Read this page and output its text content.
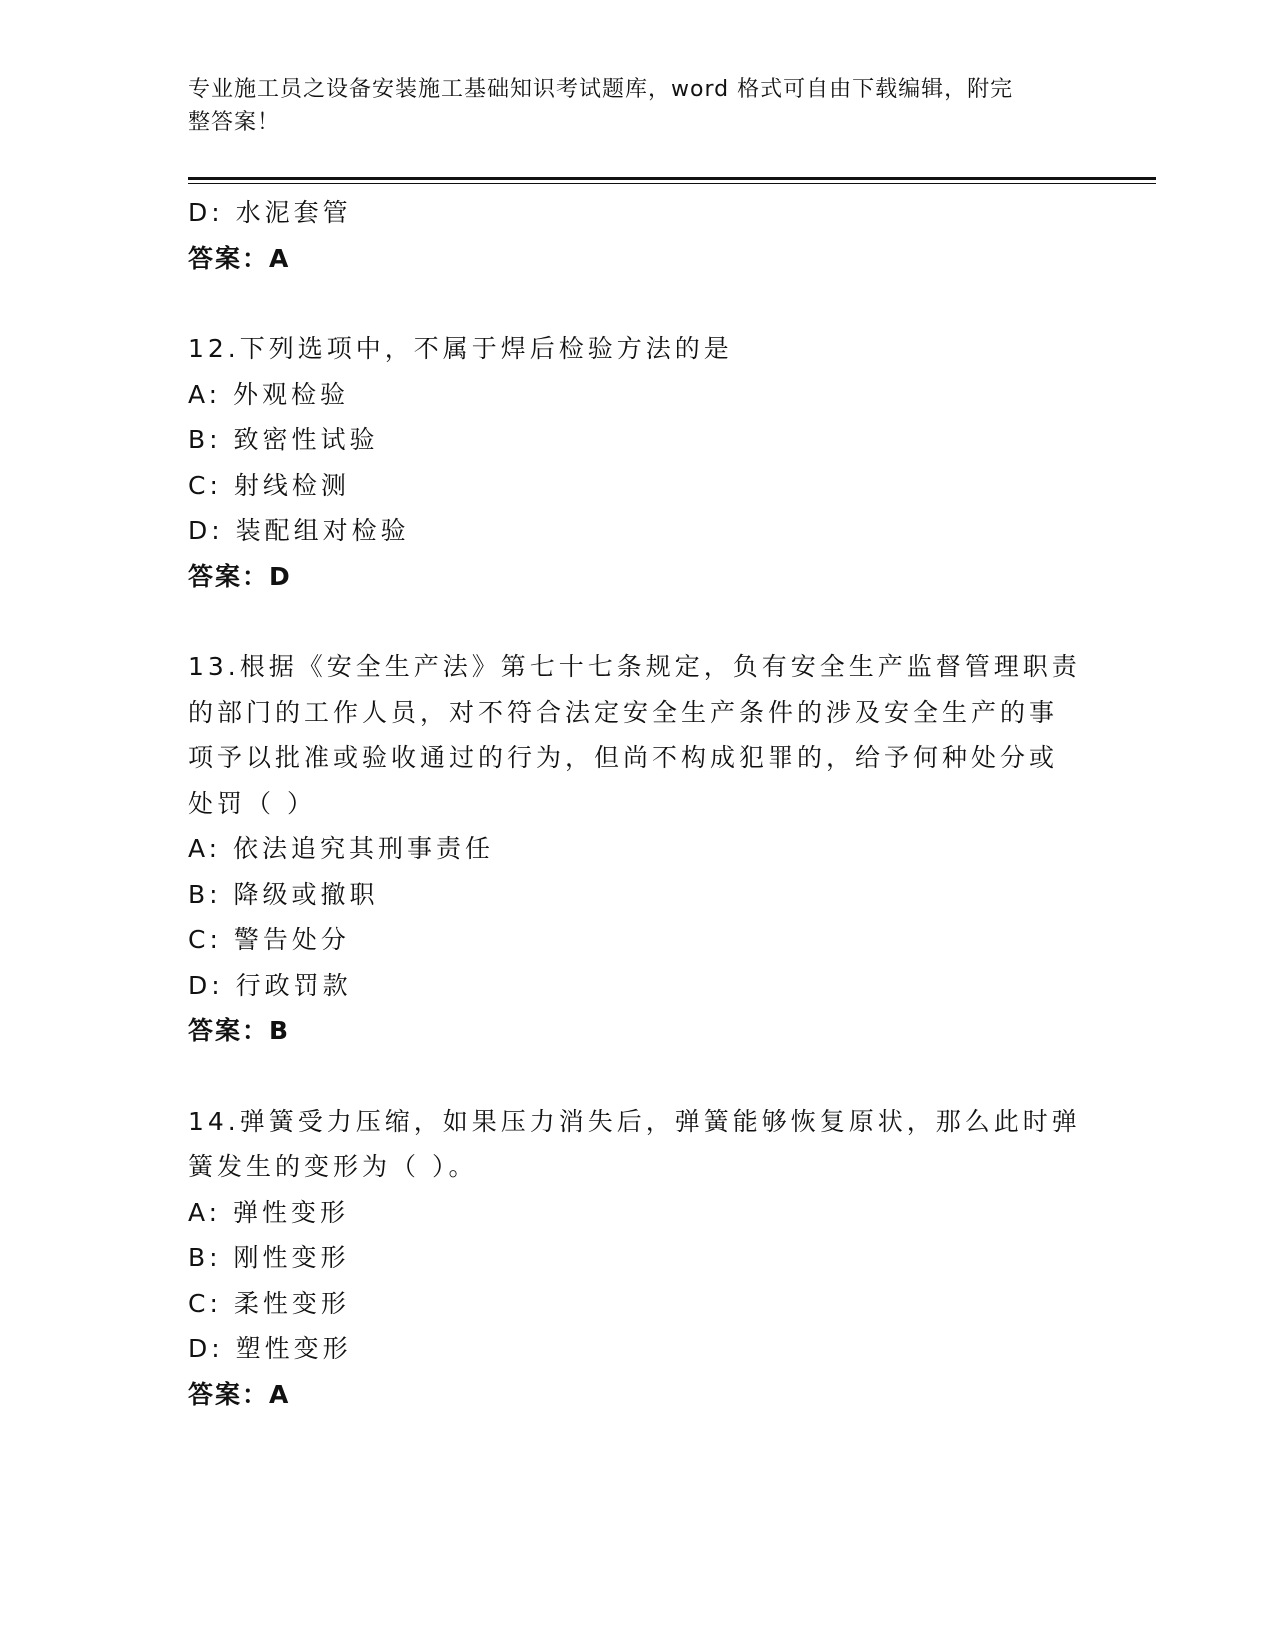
专业施工员之设备安装施工基础知识考试题库，word 格式可自由下载编辑，附完
整答案！
D: 水泥套管
答案：A
12.下列选项中，不属于焊后检验方法的是
A: 外观检验
B: 致密性试验
C: 射线检测
D: 装配组对检验
答案：D
13.根据《安全生产法》第七十七条规定，负有安全生产监督管理职责
的部门的工作人员，对不符合法定安全生产条件的涉及安全生产的事
项予以批准或验收通过的行为，但尚不构成犯罪的，给予何种处分或
处罚（ ）
A: 依法追究其刑事责任
B: 降级或撤职
C: 警告处分
D: 行政罚款
答案：B
14.弹簧受力压缩，如果压力消失后，弹簧能够恢复原状，那么此时弹
簧发生的变形为（ ）。
A: 弹性变形
B: 刚性变形
C: 柔性变形
D: 塑性变形
答案：A
